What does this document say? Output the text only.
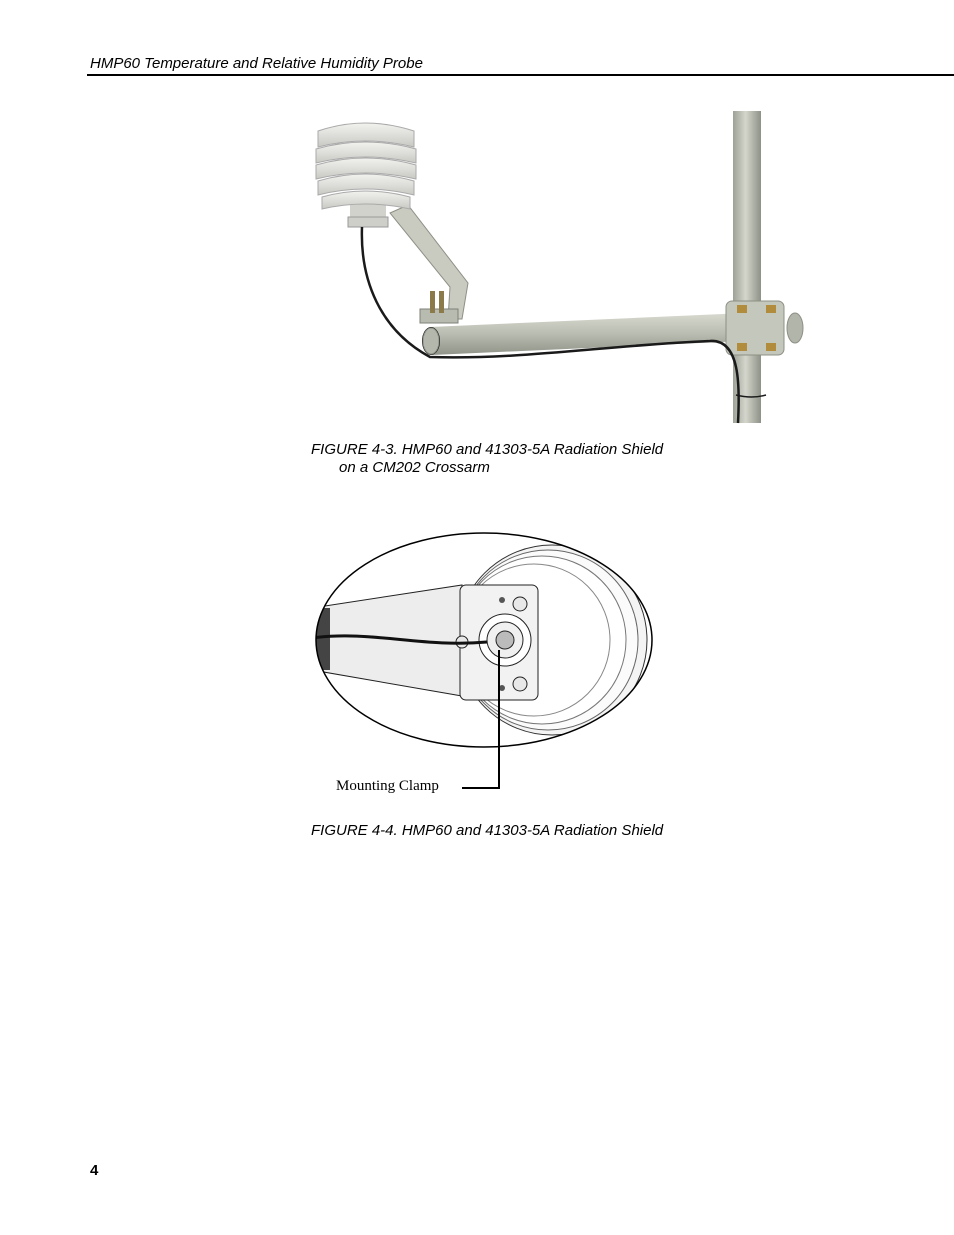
HMP60 Temperature and Relative Humidity Probe
FIGURE 4-3. HMP60 and 41303-5A Radiation Shield
on a CM202 Crossarm
Mounting Clamp
FIGURE 4-4. HMP60 and 41303-5A Radiation Shield
4
